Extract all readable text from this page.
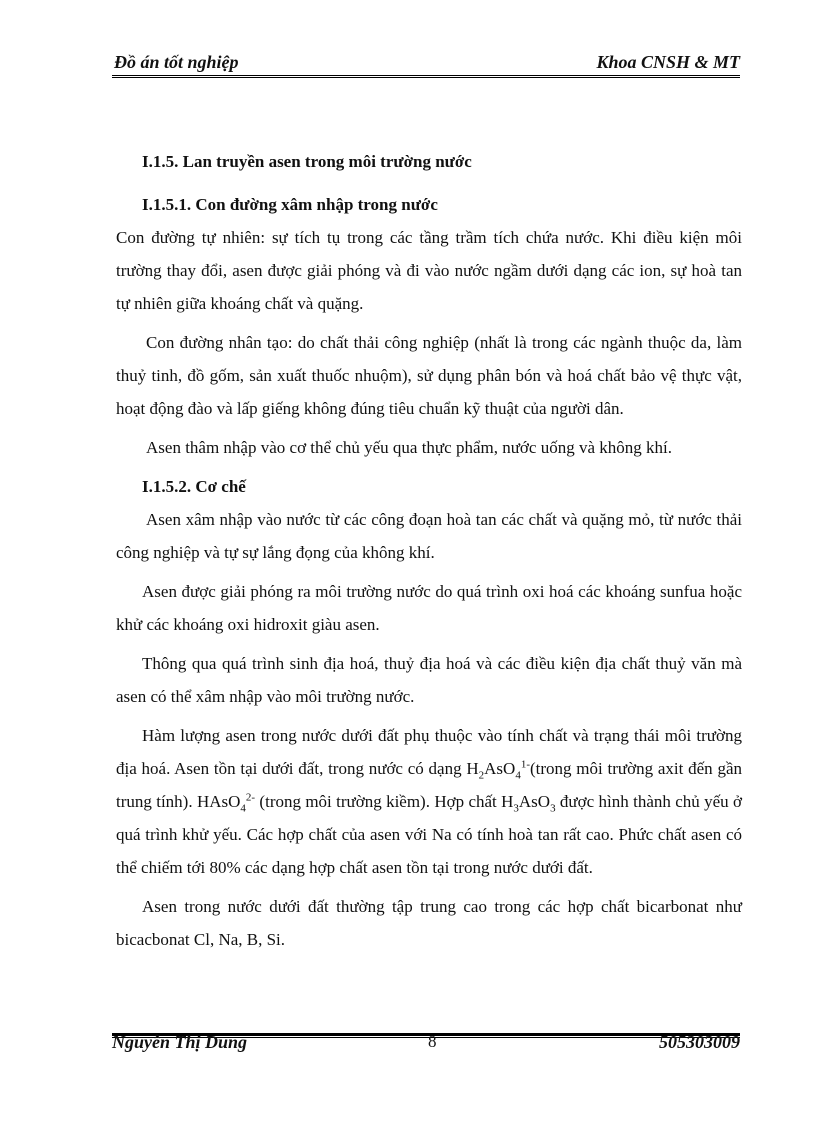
Đồ án tốt nghiệp	Khoa CNSH & MT
I.1.5. Lan truyền asen trong môi trường nước
I.1.5.1. Con đường xâm nhập trong nước

Con đường tự nhiên: sự tích tụ trong các tầng trầm tích chứa nước. Khi điều kiện môi trường thay đổi, asen được giải phóng và đi vào nước ngầm dưới dạng các ion, sự hoà tan tự nhiên giữa khoáng chất và quặng.

Con đường nhân tạo: do chất thải công nghiệp (nhất là trong các ngành thuộc da, làm thuỷ tinh, đồ gốm, sản xuất thuốc nhuộm), sử dụng phân bón và hoá chất bảo vệ thực vật, hoạt động đào và lấp giếng không đúng tiêu chuẩn kỹ thuật của người dân.

Asen thâm nhập vào cơ thể chủ yếu qua thực phẩm, nước uống và không khí.

I.1.5.2. Cơ chế

Asen xâm nhập vào nước từ các công đoạn hoà tan các chất và quặng mỏ, từ nước thải công nghiệp và tự sự lắng đọng của không khí.

Asen được giải phóng ra môi trường nước do quá trình oxi hoá các khoáng sunfua hoặc khử các khoáng oxi hidroxit giàu asen.

Thông qua quá trình sinh địa hoá, thuỷ địa hoá và các điều kiện địa chất thuỷ văn mà asen có thể xâm nhập vào môi trường nước.

Hàm lượng asen trong nước dưới đất phụ thuộc vào tính chất và trạng thái môi trường địa hoá. Asen tồn tại dưới đất, trong nước có dạng $H_2AsO_4^{1-}(trong$ môi trường axit đến gần trung tính). HAsO$_4^{2-}$ (trong môi trường kiềm). Hợp chất $H_3AsO_3$ được hình thành chủ yếu ở quá trình khử yếu. Các hợp chất của asen với Na có tính hoà tan rất cao. Phức chất asen có thể chiếm tới 80% các dạng hợp chất asen tồn tại trong nước dưới đất.

Asen trong nước dưới đất thường tập trung cao trong các hợp chất bicarbonat như bicacbonat Cl, Na, B, Si.

Nguyễn Thị Dung	8	505303009
